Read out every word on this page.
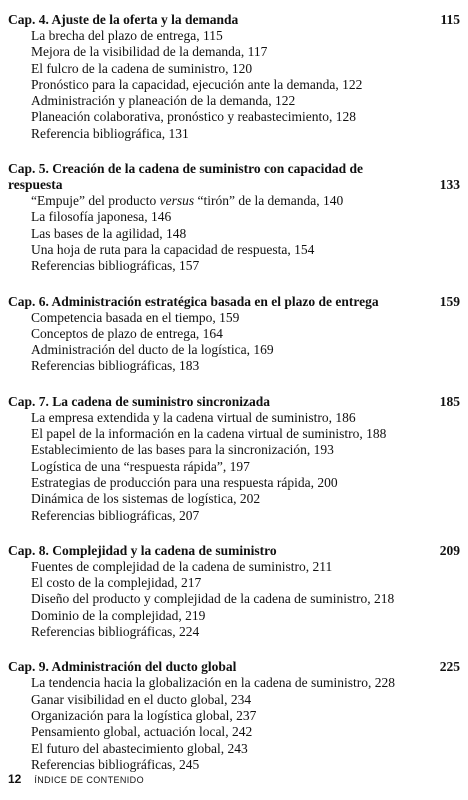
Cap. 4. Ajuste de la oferta y la demanda	115
La brecha del plazo de entrega, 115
Mejora de la visibilidad de la demanda, 117
El fulcro de la cadena de suministro, 120
Pronóstico para la capacidad, ejecución ante la demanda, 122
Administración y planeación de la demanda, 122
Planeación colaborativa, pronóstico y reabastecimiento, 128
Referencia bibliográfica, 131
Cap. 5. Creación de la cadena de suministro con capacidad de respuesta	133
“Empuje” del producto versus “tirón” de la demanda, 140
La filosofía japonesa, 146
Las bases de la agilidad, 148
Una hoja de ruta para la capacidad de respuesta, 154
Referencias bibliográficas, 157
Cap. 6. Administración estratégica basada en el plazo de entrega	159
Competencia basada en el tiempo, 159
Conceptos de plazo de entrega, 164
Administración del ducto de la logística, 169
Referencias bibliográficas, 183
Cap. 7. La cadena de suministro sincronizada	185
La empresa extendida y la cadena virtual de suministro, 186
El papel de la información en la cadena virtual de suministro, 188
Establecimiento de las bases para la sincronización, 193
Logística de una “respuesta rápida”, 197
Estrategias de producción para una respuesta rápida, 200
Dinámica de los sistemas de logística, 202
Referencias bibliográficas, 207
Cap. 8. Complejidad y la cadena de suministro	209
Fuentes de complejidad de la cadena de suministro, 211
El costo de la complejidad, 217
Diseño del producto y complejidad de la cadena de suministro, 218
Dominio de la complejidad, 219
Referencias bibliográficas, 224
Cap. 9. Administración del ducto global	225
La tendencia hacia la globalización en la cadena de suministro, 228
Ganar visibilidad en el ducto global, 234
Organización para la logística global, 237
Pensamiento global, actuación local, 242
El futuro del abastecimiento global, 243
Referencias bibliográficas, 245
12 ÍNDICE DE CONTENIDO
